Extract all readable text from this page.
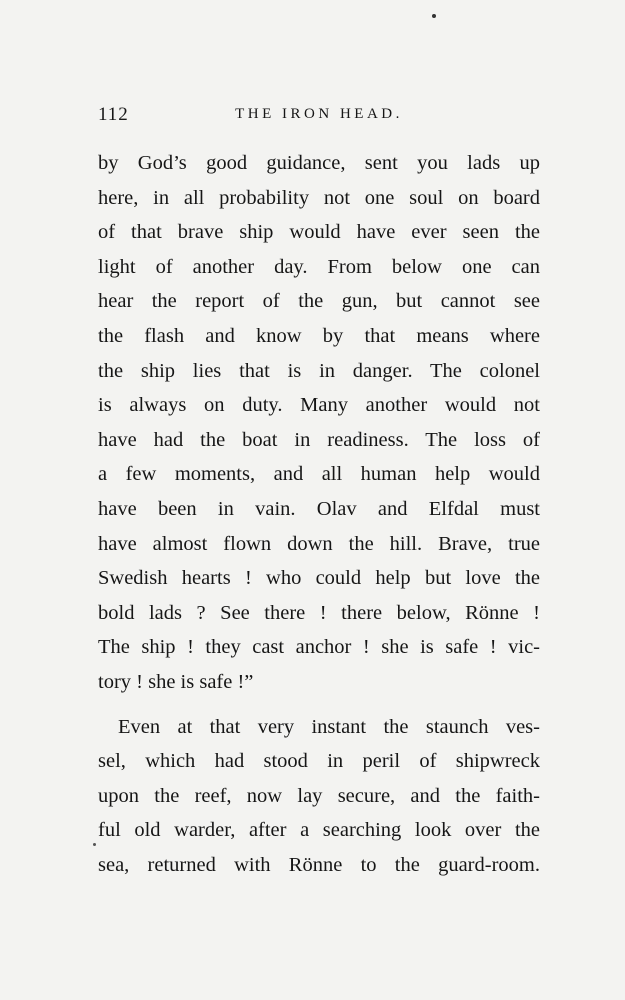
112	THE IRON HEAD.
by God’s good guidance, sent you lads up
here, in all probability not one soul on board
of that brave ship would have ever seen the
light of another day. From below one can
hear the report of the gun, but cannot see
the flash and know by that means where
the ship lies that is in danger. The colonel
is always on duty. Many another would not
have had the boat in readiness. The loss of
a few moments, and all human help would
have been in vain. Olav and Elfdal must
have almost flown down the hill. Brave, true
Swedish hearts ! who could help but love the
bold lads ? See there ! there below, Rönne !
The ship ! they cast anchor ! she is safe ! vic-
tory ! she is safe !”
Even at that very instant the staunch ves-
sel, which had stood in peril of shipwreck
upon the reef, now lay secure, and the faith-
ful old warder, after a searching look over the
sea, returned with Rönne to the guard-room.
